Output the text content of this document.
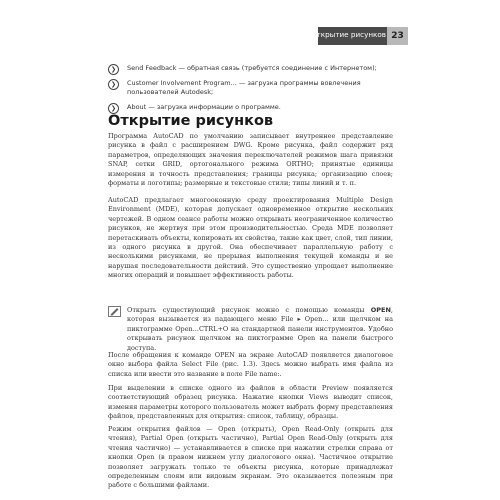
Открытие рисунков 23
❯	Send Feedback — обратная связь (требуется соединение с Интернетом);
❯	Customer Involvement Program... — загрузка программы вовлечения пользователей Autodesk;
❯	About — загрузка информации о программе.
Открытие рисунков

Программа AutoCAD по умолчанию записывает внутреннее представление рисунка в файл с расширением DWG. Кроме рисунка, файл содержит ряд параметров, определяющих значения переключателей режимов шага привязки SNAP, сетки GRID, ортогонального режима ORTHO; принятые единицы измерения и точность представления; границы рисунка; организацию слоев; форматы и логотипы; размерные и текстовые стили; типы линий и т. п.

AutoCAD предлагает многооконную среду проектирования Multiple Design Environment (MDE), которая допускает одновременное открытие нескольких чертежей. В одном сеансе работы можно открывать неограниченное количество рисунков, не жертвуя при этом производительностью. Среда MDE позволяет перетаскивать объекты, копировать их свойства, такие как цвет, слой, тип линии, из одного рисунка в другой. Она обеспечивает параллельную работу с несколькими рисунками, не прерывая выполнения текущей команды и не нарушая последовательности действий. Это существенно упрощает выполнение многих операций и повышает эффективность работы.

Открыть существующий рисунок можно с помощью команды OPEN, которая вызывается из падающего меню File ▸ Open... или щелчком на пиктограмме Open...CTRL+O на стандартной панели инструментов. Удобно открывать рисунок щелчком на пиктограмме Open на панели быстрого доступа.

После обращения к команде OPEN на экране AutoCAD появляется диалоговое окно выбора файла Select File (рис. 1.3). Здесь можно выбрать имя файла из списка или ввести это название в поле File name:.

При выделении в списке одного из файлов в области Preview появляется соответствующий образец рисунка. Нажатие кнопки Views выводит список, изменяя параметры которого пользователь может выбрать форму представления файлов, представленных для открытия: список, таблицу, образцы.

Режим открытия файлов — Open (открыть), Open Read-Only (открыть для чтения), Partial Open (открыть частично), Partial Open Read-Only (открыть для чтения частично) — устанавливается в списке при нажатии стрелки справа от кнопки Open (в правом нижнем углу диалогового окна). Частичное открытие позволяет загружать только те объекты рисунка, которые принадлежат определенным слоям или видовым экранам. Это оказывается полезным при работе с большими файлами.
